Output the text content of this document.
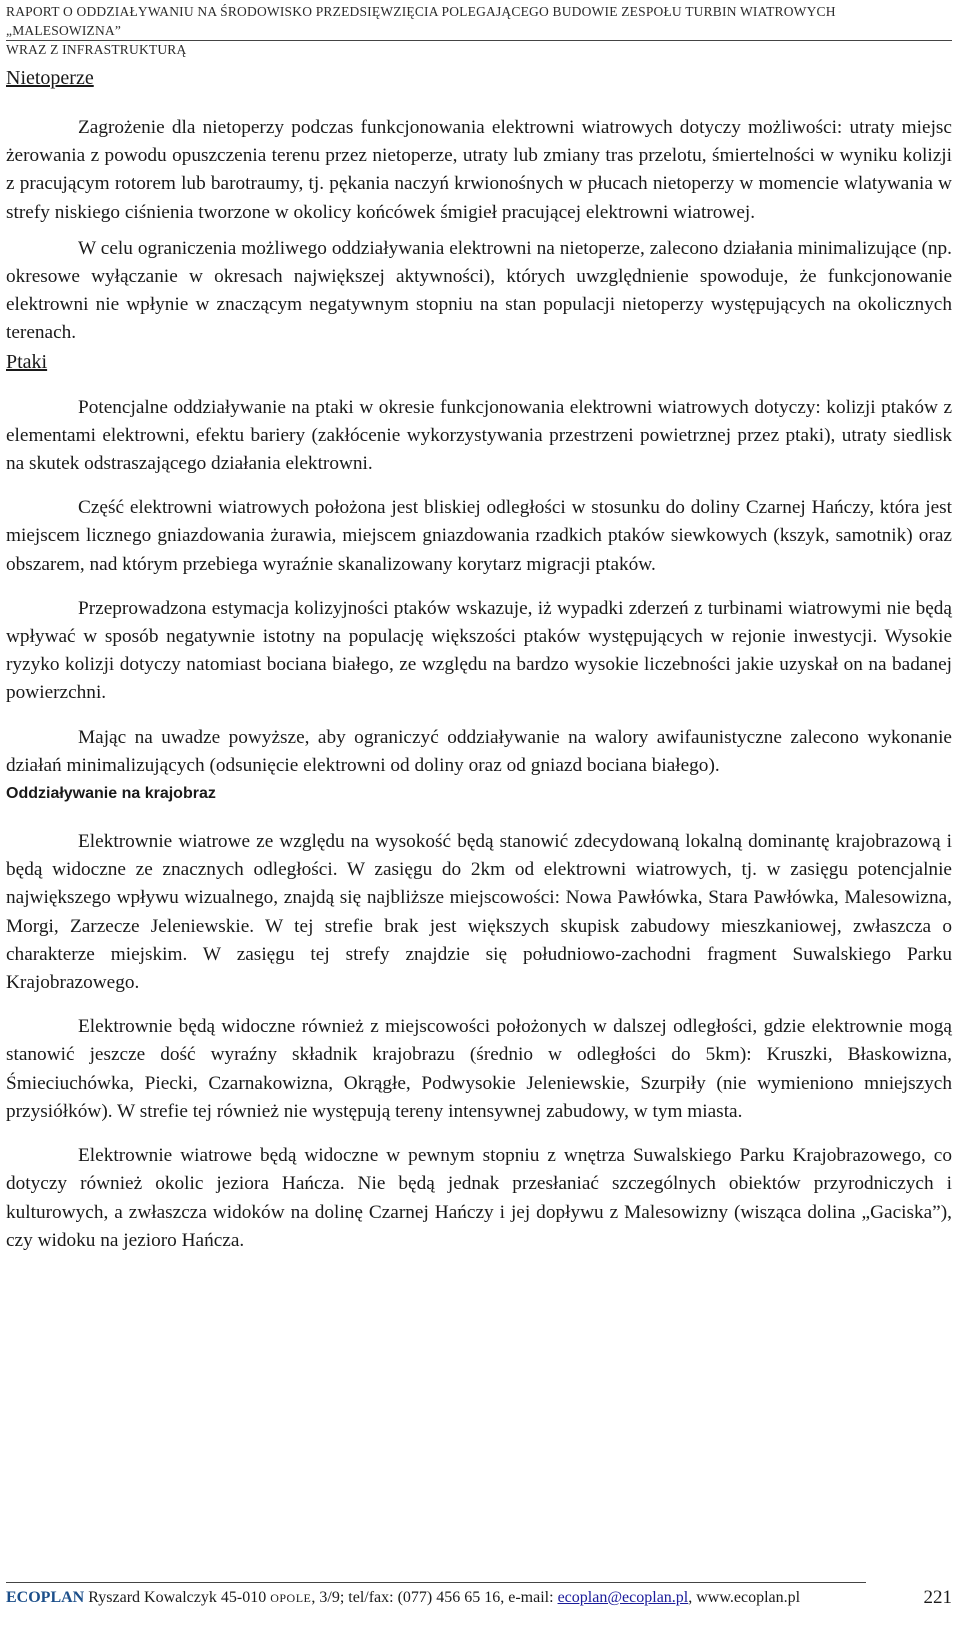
RAPORT O ODDZIAŁYWANIU NA ŚRODOWISKO PRZEDSIĘWZIĘCIA POLEGAJĄCEGO BUDOWIE ZESPOŁU TURBIN WIATROWYCH „MALESOWIZNA”
WRAZ Z INFRASTRUKTURĄ
Nietoperze

Zagrożenie dla nietoperzy podczas funkcjonowania elektrowni wiatrowych dotyczy możliwości: utraty miejsc żerowania z powodu opuszczenia terenu przez nietoperze, utraty lub zmiany tras przelotu, śmiertelności w wyniku kolizji z pracującym rotorem lub barotraumy, tj. pękania naczyń krwionośnych w płucach nietoperzy w momencie wlatywania w strefy niskiego ciśnienia tworzone w okolicy końcówek śmigieł pracującej elektrowni wiatrowej.

W celu ograniczenia możliwego oddziaływania elektrowni na nietoperze, zalecono działania minimalizujące (np. okresowe wyłączanie w okresach największej aktywności), których uwzględnienie spowoduje, że funkcjonowanie elektrowni nie wpłynie w znaczącym negatywnym stopniu na stan populacji nietoperzy występujących na okolicznych terenach.

Ptaki

Potencjalne oddziaływanie na ptaki w okresie funkcjonowania elektrowni wiatrowych dotyczy: kolizji ptaków z elementami elektrowni, efektu bariery (zakłócenie wykorzystywania przestrzeni powietrznej przez ptaki), utraty siedlisk na skutek odstraszającego działania elektrowni.

Część elektrowni wiatrowych położona jest bliskiej odległości w stosunku do doliny Czarnej Hańczy, która jest miejscem licznego gniazdowania żurawia, miejscem gniazdowania rzadkich ptaków siewkowych (kszyk, samotnik) oraz obszarem, nad którym przebiega wyraźnie skanalizowany korytarz migracji ptaków.

Przeprowadzona estymacja kolizyjności ptaków wskazuje, iż wypadki zderzeń z turbinami wiatrowymi nie będą wpływać w sposób negatywnie istotny na populację większości ptaków występujących w rejonie inwestycji. Wysokie ryzyko kolizji dotyczy natomiast bociana białego, ze względu na bardzo wysokie liczebności jakie uzyskał on na badanej powierzchni.

Mając na uwadze powyższe, aby ograniczyć oddziaływanie na walory awifaunistyczne zalecono wykonanie działań minimalizujących (odsunięcie elektrowni od doliny oraz od gniazd bociana białego).

Oddziaływanie na krajobraz

Elektrownie wiatrowe ze względu na wysokość będą stanowić zdecydowaną lokalną dominantę krajobrazową i będą widoczne ze znacznych odległości. W zasięgu do 2km od elektrowni wiatrowych, tj. w zasięgu potencjalnie największego wpływu wizualnego, znajdą się najbliższe miejscowości: Nowa Pawłówka, Stara Pawłówka, Malesowizna, Morgi, Zarzecze Jeleniewskie. W tej strefie brak jest większych skupisk zabudowy mieszkaniowej, zwłaszcza o charakterze miejskim. W zasięgu tej strefy znajdzie się południowo-zachodni fragment Suwalskiego Parku Krajobrazowego.

Elektrownie będą widoczne również z miejscowości położonych w dalszej odległości, gdzie elektrownie mogą stanowić jeszcze dość wyraźny składnik krajobrazu (średnio w odległości do 5km): Kruszki, Błaskowizna, Śmieciuchówka, Piecki, Czarnakowizna, Okrągłe, Podwysokie Jeleniewskie, Szurpiły (nie wymieniono mniejszych przysiółków). W strefie tej również nie występują tereny intensywnej zabudowy, w tym miasta.

Elektrownie wiatrowe będą widoczne w pewnym stopniu z wnętrza Suwalskiego Parku Krajobrazowego, co dotyczy również okolic jeziora Hańcza. Nie będą jednak przesłaniać szczególnych obiektów przyrodniczych i kulturowych, a zwłaszcza widoków na dolinę Czarnej Hańczy i jej dopływu z Malesowizny (wisząca dolina „Gaciska”), czy widoku na jezioro Hańcza.

ECOPLAN Ryszard Kowalczyk 45-010 OPOLE, 3/9; tel/fax: (077) 456 65 16, e-mail: ecoplan@ecoplan.pl, www.ecoplan.pl	221
